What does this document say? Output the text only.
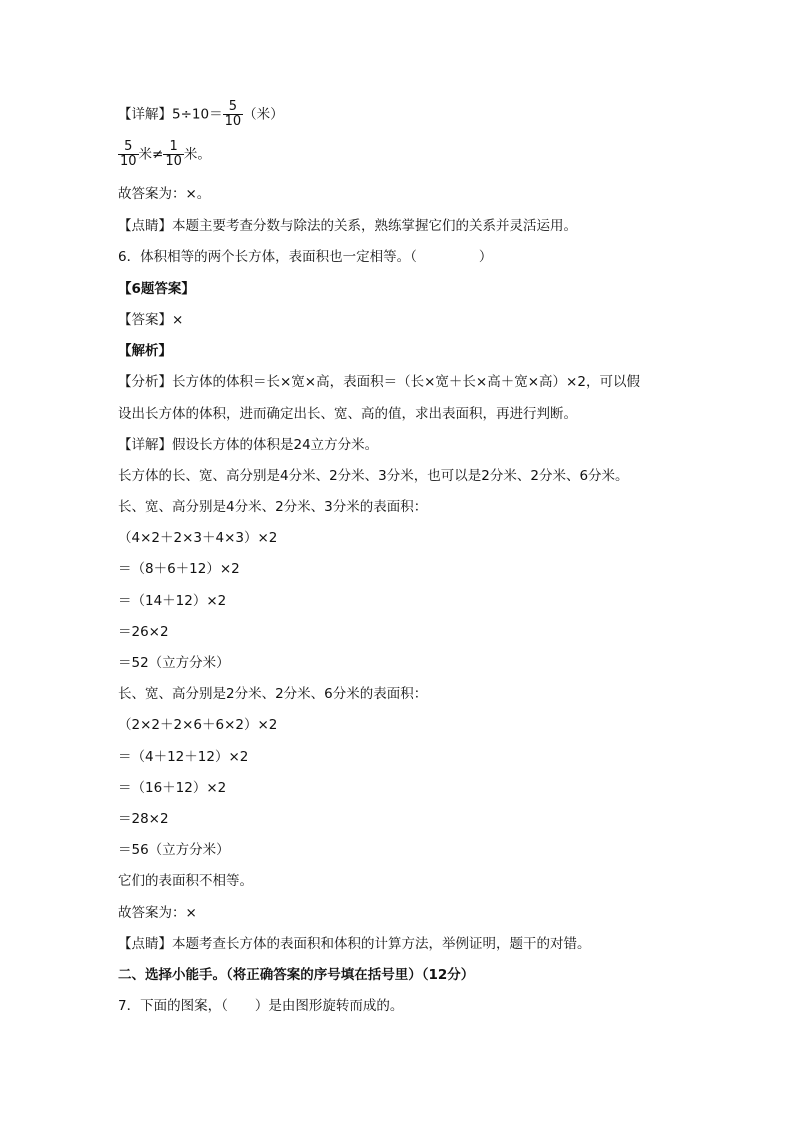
【详解】$5\div 10= \frac{5}{10}$ （米）
$\frac{5}{10}$ 米≠ $\frac{1}{10}$ 米。
故答案为：×。
【点睛】本题主要考查分数与除法的关系，熟练掌握它们的关系并灵活运用。
6．体积相等的两个长方体，表面积也一定相等。（	）
【6题答案】
【答案】×
【解析】
【分析】长方体的体积＝长×宽×高，表面积＝（长×宽＋长×高＋宽×高）×2，可以假
设出长方体的体积，进而确定出长、宽、高的值，求出表面积，再进行判断。
【详解】假设长方体的体积是24立方分米。
长方体的长、宽、高分别是4分米、2分米、3分米，也可以是2分米、2分米、6分米。
长、宽、高分别是4分米、2分米、3分米的表面积：
（4×2＋2×3＋4×3）×2
＝（8＋6＋12）×2
＝（14＋12）×2
＝26×2
＝52（立方分米）
长、宽、高分别是2分米、2分米、6分米的表面积：
（2×2＋2×6＋6×2）×2
＝（4＋12＋12）×2
＝（16＋12）×2
＝28×2
＝56（立方分米）
它们的表面积不相等。
故答案为：×
【点睛】本题考查长方体的表面积和体积的计算方法，举例证明，题干的对错。
二、选择小能手。（将正确答案的序号填在括号里）（12分）
7．下面的图案，（　　）是由图形旋转而成的。
